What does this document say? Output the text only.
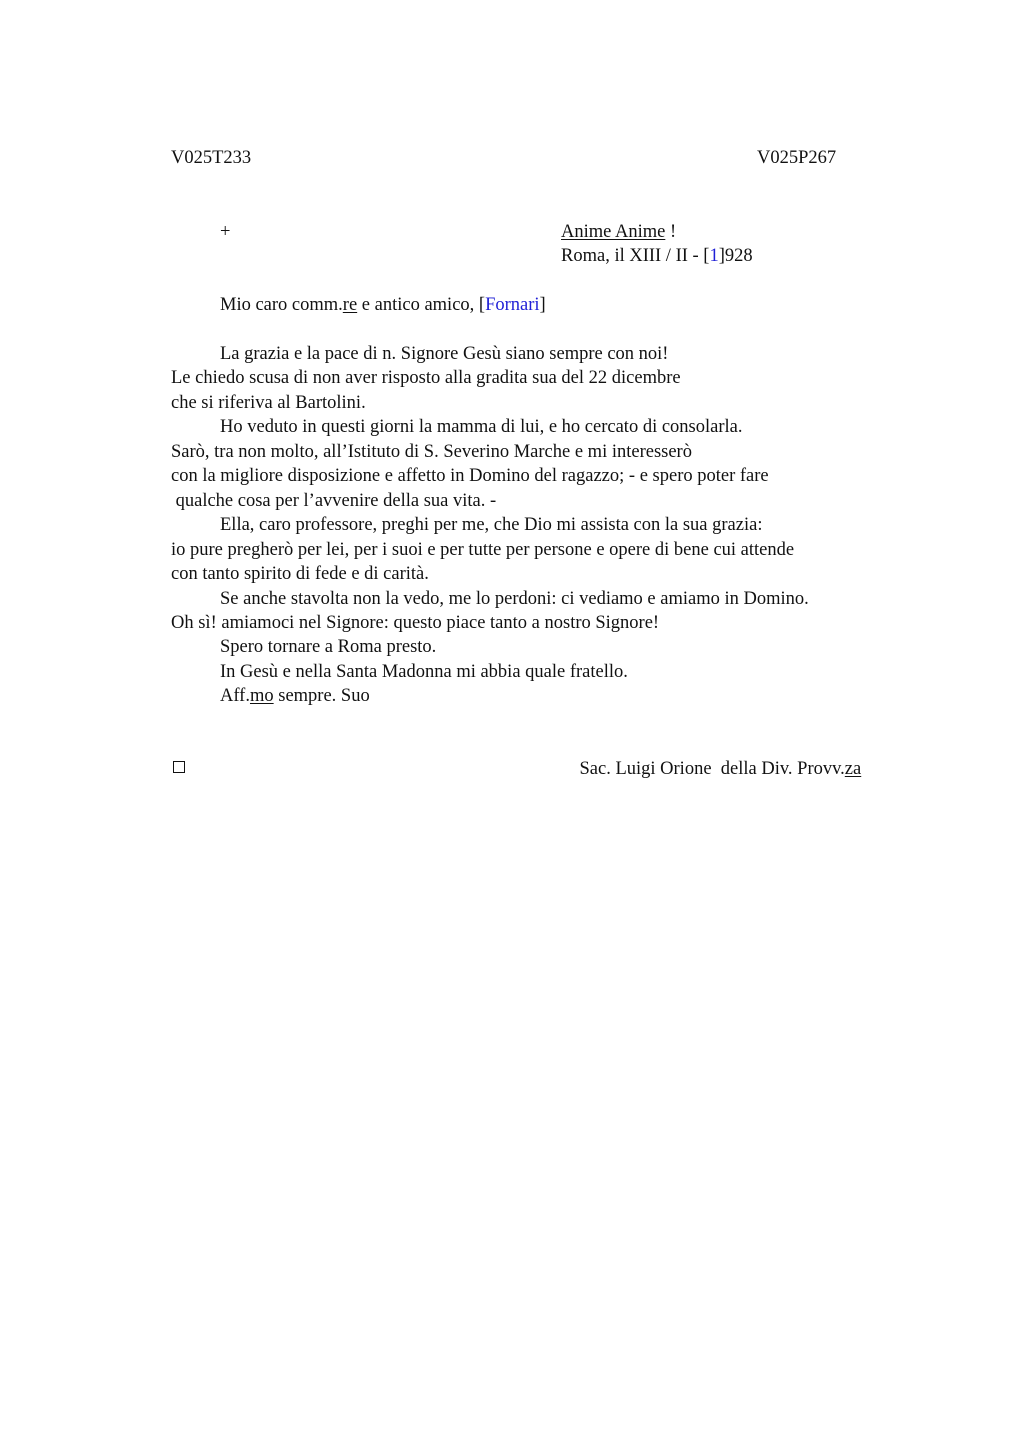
V025T233	V025P267
+	Anime Anime !
Roma, il XIII / II - [1]928
Mio caro comm.re e antico amico, [Fornari]
La grazia e la pace di n. Signore Gesù siano sempre con noi!
Le chiedo scusa di non aver risposto alla gradita sua del 22 dicembre
che si riferiva al Bartolini.
Ho veduto in questi giorni la mamma di lui, e ho cercato di consolarla.
Sarò, tra non molto, all’Istituto di S. Severino Marche e mi interesserò
con la migliore disposizione e affetto in Domino del ragazzo; - e spero poter fare
qualche cosa per l’avvenire della sua vita. -
Ella, caro professore, preghi per me, che Dio mi assista con la sua grazia:
io pure pregherò per lei, per i suoi e per tutte per persone e opere di bene cui attende
con tanto spirito di fede e di carità.
Se anche stavolta non la vedo, me lo perdoni: ci vediamo e amiamo in Domino.
Oh sì! amiamoci nel Signore: questo piace tanto a nostro Signore!
Spero tornare a Roma presto.
In Gesù e nella Santa Madonna mi abbia quale fratello.
Aff.mo sempre. Suo

Sac. Luigi Orione  della Div. Provv.za
